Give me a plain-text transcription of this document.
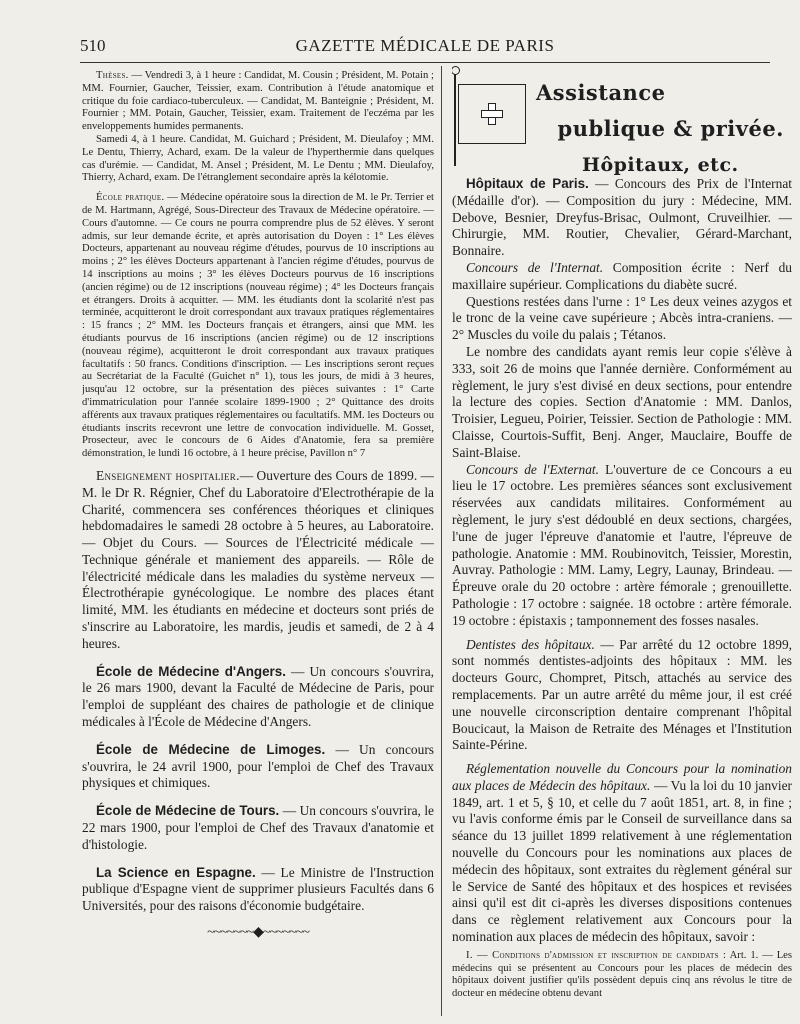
510	GAZETTE MÉDICALE DE PARIS

Thèses. — Vendredi 3, à 1 heure : Candidat, M. Cousin ; Président, M. Potain ; MM. Fournier, Gaucher, Teissier, exam. Contribution à l'étude anatomique et critique du foie cardiaco-tuberculeux. — Candidat, M. Banteignie ; Président, M. Fournier ; MM. Potain, Gaucher, Teissier, exam. Traitement de l'eczéma par les enveloppements humides permanents.

Samedi 4, à 1 heure. Candidat, M. Guichard ; Président, M. Dieulafoy ; MM. Le Dentu, Thierry, Achard, exam. De la valeur de l'hyperthermie dans quelques cas d'urémie. — Candidat, M. Ansel ; Président, M. Le Dentu ; MM. Dieulafoy, Thierry, Achard, exam. De l'étranglement secondaire après la kélotomie.

École pratique. — Médecine opératoire sous la direction de M. le Pr. Terrier et de M. Hartmann, Agrégé, Sous-Directeur des Travaux de Médecine opératoire. — Cours d'automne. — Ce cours ne pourra comprendre plus de 52 élèves. Y seront admis, sur leur demande écrite, et après autorisation du Doyen : 1° Les élèves Docteurs, appartenant au nouveau régime d'études, pourvus de 10 inscriptions au moins ; 2° les élèves Docteurs appartenant à l'ancien régime d'études, pourvus de 14 inscriptions au moins ; 3° les élèves Docteurs pourvus de 16 inscriptions (ancien régime) ou de 12 inscriptions (nouveau régime) ; 4° les Docteurs français et étrangers. Droits à acquitter. — MM. les étudiants dont la scolarité n'est pas terminée, acquitteront le droit correspondant aux travaux pratiques réglementaires : 15 francs ; 2° MM. les Docteurs français et étrangers, ainsi que MM. les étudiants pourvus de 16 inscriptions (ancien régime) ou de 12 inscriptions (nouveau régime), acquitteront le droit correspondant aux travaux pratiques facultatifs : 50 francs. Conditions d'inscription. — Les inscriptions seront reçues au Secrétariat de la Faculté (Guichet n° 1), tous les jours, de midi à 3 heures, jusqu'au 12 octobre, sur la présentation des pièces suivantes : 1° Carte d'immatriculation pour l'année scolaire 1899-1900 ; 2° Quittance des droits afférents aux travaux pratiques réglementaires ou facultatifs. MM. les Docteurs ou étudiants inscrits recevront une lettre de convocation individuelle. M. Gosset, Prosecteur, avec le concours de 6 Aides d'Anatomie, fera sa première démonstration, le lundi 16 octobre, à 1 heure précise, Pavillon n° 7

Enseignement hospitalier.— Ouverture des Cours de 1899. — M. le Dr R. Régnier, Chef du Laboratoire d'Electrothérapie de la Charité, commencera ses conférences théoriques et cliniques hebdomadaires le samedi 28 octobre à 5 heures, au Laboratoire. — Objet du Cours. — Sources de l'Électricité médicale — Technique générale et maniement des appareils. — Rôle de l'électricité médicale dans les maladies du système nerveux — Électrothérapie gynécologique. Le nombre des places étant limité, MM. les étudiants en médecine et docteurs sont priés de s'inscrire au Laboratoire, les mardis, jeudis et samedi, de 2 à 4 heures.

École de Médecine d'Angers. — Un concours s'ouvrira, le 26 mars 1900, devant la Faculté de Médecine de Paris, pour l'emploi de suppléant des chaires de pathologie et de clinique médicales à l'École de Médecine d'Angers.

École de Médecine de Limoges. — Un concours s'ouvrira, le 24 avril 1900, pour l'emploi de Chef des Travaux physiques et chimiques.

École de Médecine de Tours. — Un concours s'ouvrira, le 22 mars 1900, pour l'emploi de Chef des Travaux d'anatomie et d'histologie.

La Science en Espagne. — Le Ministre de l'Instruction publique d'Espagne vient de supprimer plusieurs Facultés dans 6 Universités, pour des raisons d'économie budgétaire.

~~~~~~~◆~~~~~~~
Assistance
publique & privée.
Hôpitaux, etc.

Hôpitaux de Paris. — Concours des Prix de l'Internat (Médaille d'or). — Composition du jury : Médecine, MM. Debove, Besnier, Dreyfus-Brisac, Oulmont, Cruveilhier. — Chirurgie, MM. Routier, Chevalier, Gérard-Marchant, Bonnaire.

Concours de l'Internat. Composition écrite : Nerf du maxillaire supérieur. Complications du diabète sucré.

Questions restées dans l'urne : 1° Les deux veines azygos et le tronc de la veine cave supérieure ; Abcès intra-craniens. — 2° Muscles du voile du palais ; Tétanos.

Le nombre des candidats ayant remis leur copie s'élève à 333, soit 26 de moins que l'année dernière. Conformément au règlement, le jury s'est divisé en deux sections, pour entendre la lecture des copies. Section d'Anatomie : MM. Danlos, Troisier, Legueu, Poirier, Teissier. Section de Pathologie : MM. Claisse, Courtois-Suffit, Benj. Anger, Mauclaire, Bouffe de Saint-Blaise.

Concours de l'Externat. L'ouverture de ce Concours a eu lieu le 17 octobre. Les premières séances sont exclusivement réservées aux candidats militaires. Conformément au règlement, le jury s'est dédoublé en deux sections, chargées, l'une de juger l'épreuve d'anatomie et l'autre, l'épreuve de pathologie. Anatomie : MM. Roubinovitch, Teissier, Morestin, Auvray. Pathologie : MM. Lamy, Legry, Launay, Brindeau. — Épreuve orale du 20 octobre : artère fémorale ; grenouillette. Pathologie : 17 octobre : saignée. 18 octobre : artère fémorale. 19 octobre : épistaxis ; tamponnement des fosses nasales.

Dentistes des hôpitaux. — Par arrêté du 12 octobre 1899, sont nommés dentistes-adjoints des hôpitaux : MM. les docteurs Gourc, Chompret, Pitsch, attachés au service des remplacements. Par un autre arrêté du même jour, il est créé une nouvelle circonscription dentaire comprenant l'hôpital Boucicaut, la Maison de Retraite des Ménages et l'Institution Sainte-Périne.

Réglementation nouvelle du Concours pour la nomination aux places de Médecin des hôpitaux. — Vu la loi du 10 janvier 1849, art. 1 et 5, § 10, et celle du 7 août 1851, art. 8, in fine ; vu l'avis conforme émis par le Conseil de surveillance dans sa séance du 13 juillet 1899 relativement à une réglementation nouvelle du Concours pour les nominations aux places de médecin des hôpitaux, sont extraites du règlement général sur le Service de Santé des hôpitaux et des hospices et revisées ainsi qu'il est dit ci-après les diverses dispositions contenues dans ce règlement relativement aux Concours pour la nomination aux places de médecin des hôpitaux, savoir :

I. — Conditions d'admission et inscription de candidats : Art. 1. — Les médecins qui se présentent au Concours pour les places de médecin des hôpitaux doivent justifier qu'ils possèdent depuis cinq ans révolus le titre de docteur en médecine obtenu devant
